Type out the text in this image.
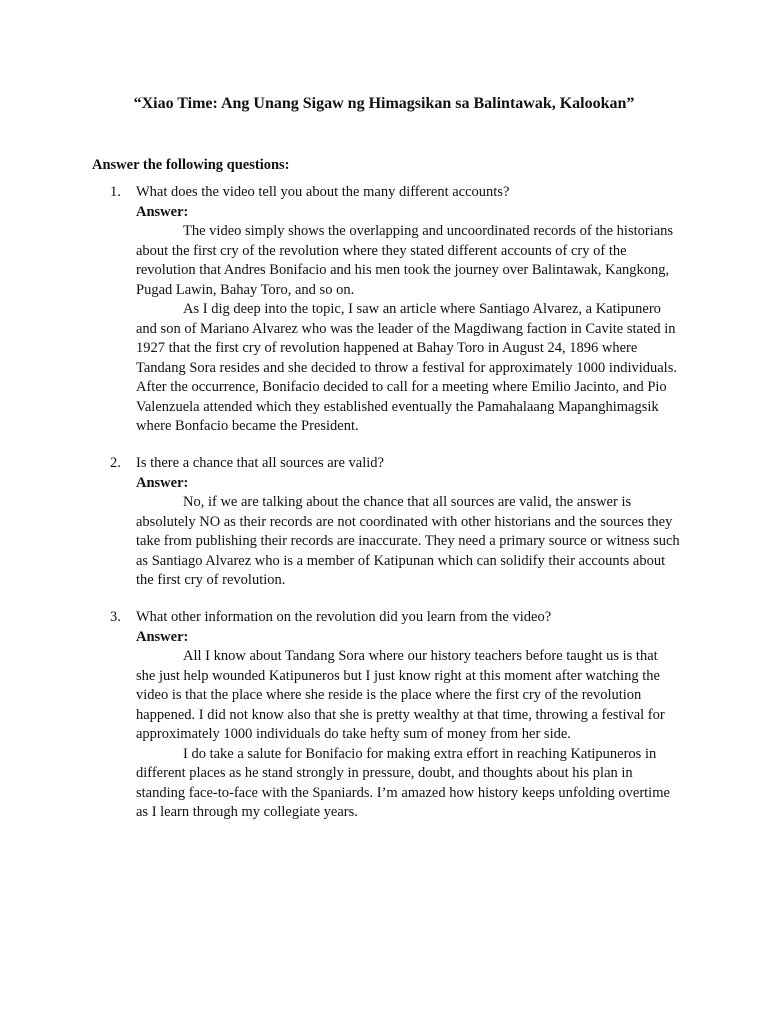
“Xiao Time: Ang Unang Sigaw ng Himagsikan sa Balintawak, Kalookan”
Answer the following questions:
1.	What does the video tell you about the many different accounts?
Answer:

The video simply shows the overlapping and uncoordinated records of the historians about the first cry of the revolution where they stated different accounts of cry of the revolution that Andres Bonifacio and his men took the journey over Balintawak, Kangkong, Pugad Lawin, Bahay Toro, and so on.

As I dig deep into the topic, I saw an article where Santiago Alvarez, a Katipunero and son of Mariano Alvarez who was the leader of the Magdiwang faction in Cavite stated in 1927 that the first cry of revolution happened at Bahay Toro in August 24, 1896 where Tandang Sora resides and she decided to throw a festival for approximately 1000 individuals. After the occurrence, Bonifacio decided to call for a meeting where Emilio Jacinto, and Pio Valenzuela attended which they established eventually the Pamahalaang Mapanghimagsik where Bonfacio became the President.

2.	Is there a chance that all sources are valid?
Answer:

No, if we are talking about the chance that all sources are valid, the answer is absolutely NO as their records are not coordinated with other historians and the sources they take from publishing their records are inaccurate. They need a primary source or witness such as Santiago Alvarez who is a member of Katipunan which can solidify their accounts about the first cry of revolution.

3.	What other information on the revolution did you learn from the video?
Answer:

All I know about Tandang Sora where our history teachers before taught us is that she just help wounded Katipuneros but I just know right at this moment after watching the video is that the place where she reside is the place where the first cry of the revolution happened. I did not know also that she is pretty wealthy at that time, throwing a festival for approximately 1000 individuals do take hefty sum of money from her side.

I do take a salute for Bonifacio for making extra effort in reaching Katipuneros in different places as he stand strongly in pressure, doubt, and thoughts about his plan in standing face-to-face with the Spaniards. I’m amazed how history keeps unfolding overtime as I learn through my collegiate years.
